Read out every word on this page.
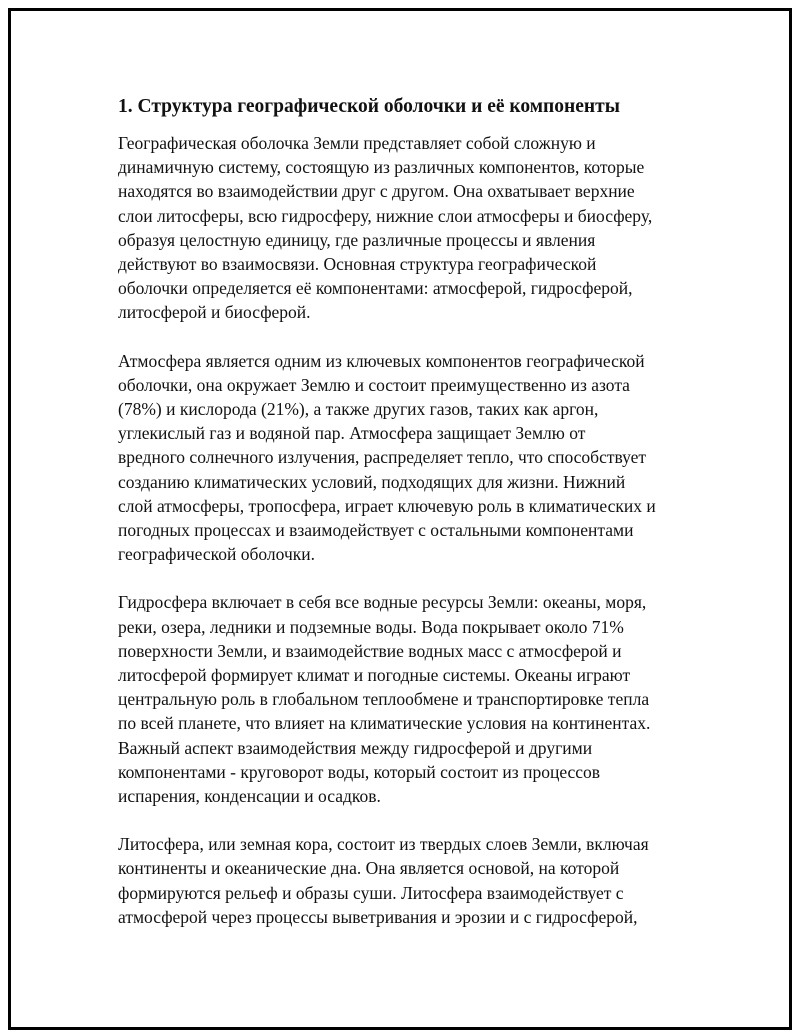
1. Структура географической оболочки и её компоненты

Географическая оболочка Земли представляет собой сложную и
динамичную систему, состоящую из различных компонентов, которые
находятся во взаимодействии друг с другом. Она охватывает верхние
слои литосферы, всю гидросферу, нижние слои атмосферы и биосферу,
образуя целостную единицу, где различные процессы и явления
действуют во взаимосвязи. Основная структура географической
оболочки определяется её компонентами: атмосферой, гидросферой,
литосферой и биосферой.

Атмосфера является одним из ключевых компонентов географической
оболочки, она окружает Землю и состоит преимущественно из азота
(78%) и кислорода (21%), а также других газов, таких как аргон,
углекислый газ и водяной пар. Атмосфера защищает Землю от
вредного солнечного излучения, распределяет тепло, что способствует
созданию климатических условий, подходящих для жизни. Нижний
слой атмосферы, тропосфера, играет ключевую роль в климатических и
погодных процессах и взаимодействует с остальными компонентами
географической оболочки.

Гидросфера включает в себя все водные ресурсы Земли: океаны, моря,
реки, озера, ледники и подземные воды. Вода покрывает около 71%
поверхности Земли, и взаимодействие водных масс с атмосферой и
литосферой формирует климат и погодные системы. Океаны играют
центральную роль в глобальном теплообмене и транспортировке тепла
по всей планете, что влияет на климатические условия на континентах.
Важный аспект взаимодействия между гидросферой и другими
компонентами - круговорот воды, который состоит из процессов
испарения, конденсации и осадков.

Литосфера, или земная кора, состоит из твердых слоев Земли, включая
континенты и океанические дна. Она является основой, на которой
формируются рельеф и образы суши. Литосфера взаимодействует с
атмосферой через процессы выветривания и эрозии и с гидросферой,
